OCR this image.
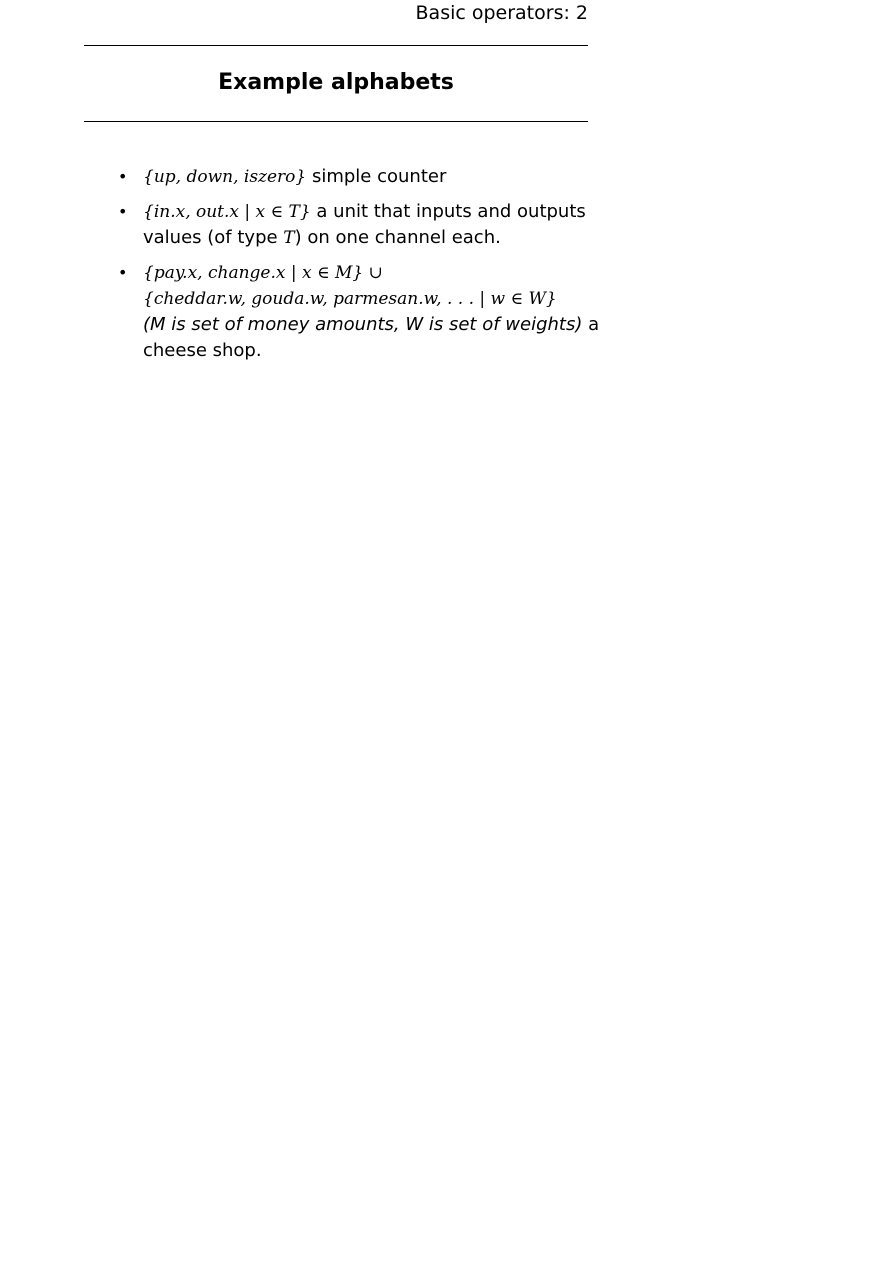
Basic operators: 2
Example alphabets
• {up, down, iszero} simple counter
• {in.x, out.x | x ∈ T} a unit that inputs and outputs
values (of type T) on one channel each.
• {pay.x, change.x | x ∈ M} ∪
{cheddar.w, gouda.w, parmesan.w, . . . | w ∈ W}
(M is set of money amounts, W is set of weights) a
cheese shop.
